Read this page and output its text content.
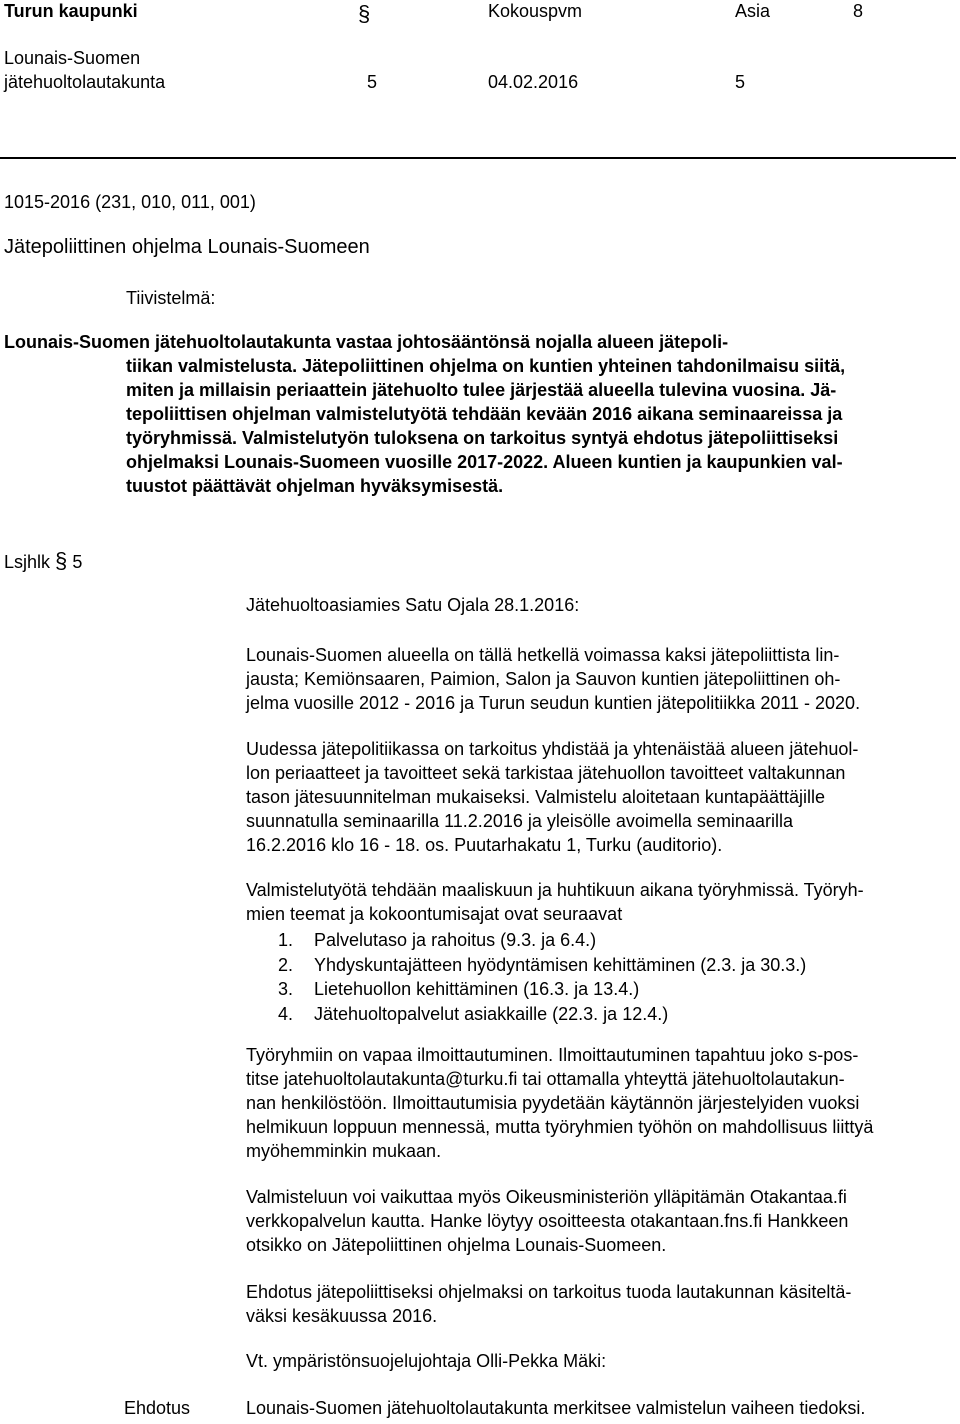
Turun kaupunki	§	Kokouspvm	Asia	8
Lounais-Suomen
jätehuoltolautakunta	5	04.02.2016	5
1015-2016 (231, 010, 011, 001)
Jätepoliittinen ohjelma Lounais-Suomeen
Tiivistelmä:
Lounais-Suomen jätehuoltolautakunta vastaa johtosääntönsä nojalla alueen jätepoli-
tiikan valmistelusta. Jätepoliittinen ohjelma on kuntien yhteinen tahdonilmaisu siitä,
miten ja millaisin periaattein jätehuolto tulee järjestää alueella tulevina vuosina. Jä-
tepoliittisen ohjelman valmistelutyötä tehdään kevään 2016 aikana seminaareissa ja
työryhmissä. Valmistelutyön tuloksena on tarkoitus syntyä ehdotus jätepoliittiseksi
ohjelmaksi Lounais-Suomeen vuosille 2017-2022. Alueen kuntien ja kaupunkien val-
tuustot päättävät ohjelman hyväksymisestä.
Lsjhlk § 5
Jätehuoltoasiamies Satu Ojala 28.1.2016:
Lounais-Suomen alueella on tällä hetkellä voimassa kaksi jätepoliittista lin-
jausta; Kemiönsaaren, Paimion, Salon ja Sauvon kuntien jätepoliittinen oh-
jelma vuosille 2012 - 2016 ja Turun seudun kuntien jätepolitiikka 2011 - 2020.
Uudessa jätepolitiikassa on tarkoitus yhdistää ja yhtenäistää alueen jätehuol-
lon periaatteet ja tavoitteet sekä tarkistaa jätehuollon tavoitteet valtakunnan
tason jätesuunnitelman mukaiseksi. Valmistelu aloitetaan kuntapäättäjille
suunnatulla seminaarilla 11.2.2016 ja yleisölle avoimella seminaarilla
16.2.2016 klo 16 - 18. os. Puutarhakatu 1, Turku (auditorio).
Valmistelutyötä tehdään maaliskuun ja huhtikuun aikana työryhmissä. Työryh-
mien teemat ja kokoontumisajat ovat seuraavat
1. Palvelutaso ja rahoitus (9.3. ja 6.4.)
2. Yhdyskuntajätteen hyödyntämisen kehittäminen (2.3. ja 30.3.)
3. Lietehuollon kehittäminen (16.3. ja 13.4.)
4. Jätehuoltopalvelut asiakkaille (22.3. ja 12.4.)
Työryhmiin on vapaa ilmoittautuminen. Ilmoittautuminen tapahtuu joko s-pos-
titse jatehuoltolautakunta@turku.fi tai ottamalla yhteyttä jätehuoltolautakun-
nan henkilöstöön. Ilmoittautumisia pyydetään käytännön järjestelyiden vuoksi
helmikuun loppuun mennessä, mutta työryhmien työhön on mahdollisuus liittyä
myöhemminkin mukaan.
Valmisteluun voi vaikuttaa myös Oikeusministeriön ylläpitämän Otakantaa.fi
verkkopalvelun kautta. Hanke löytyy osoitteesta otakantaan.fns.fi Hankkeen
otsikko on Jätepoliittinen ohjelma Lounais-Suomeen.
Ehdotus jätepoliittiseksi ohjelmaksi on tarkoitus tuoda lautakunnan käsiteltä-
väksi kesäkuussa 2016.
Vt. ympäristönsuojelujohtaja Olli-Pekka Mäki:
Ehdotus	Lounais-Suomen jätehuoltolautakunta merkitsee valmistelun vaiheen tiedoksi.
